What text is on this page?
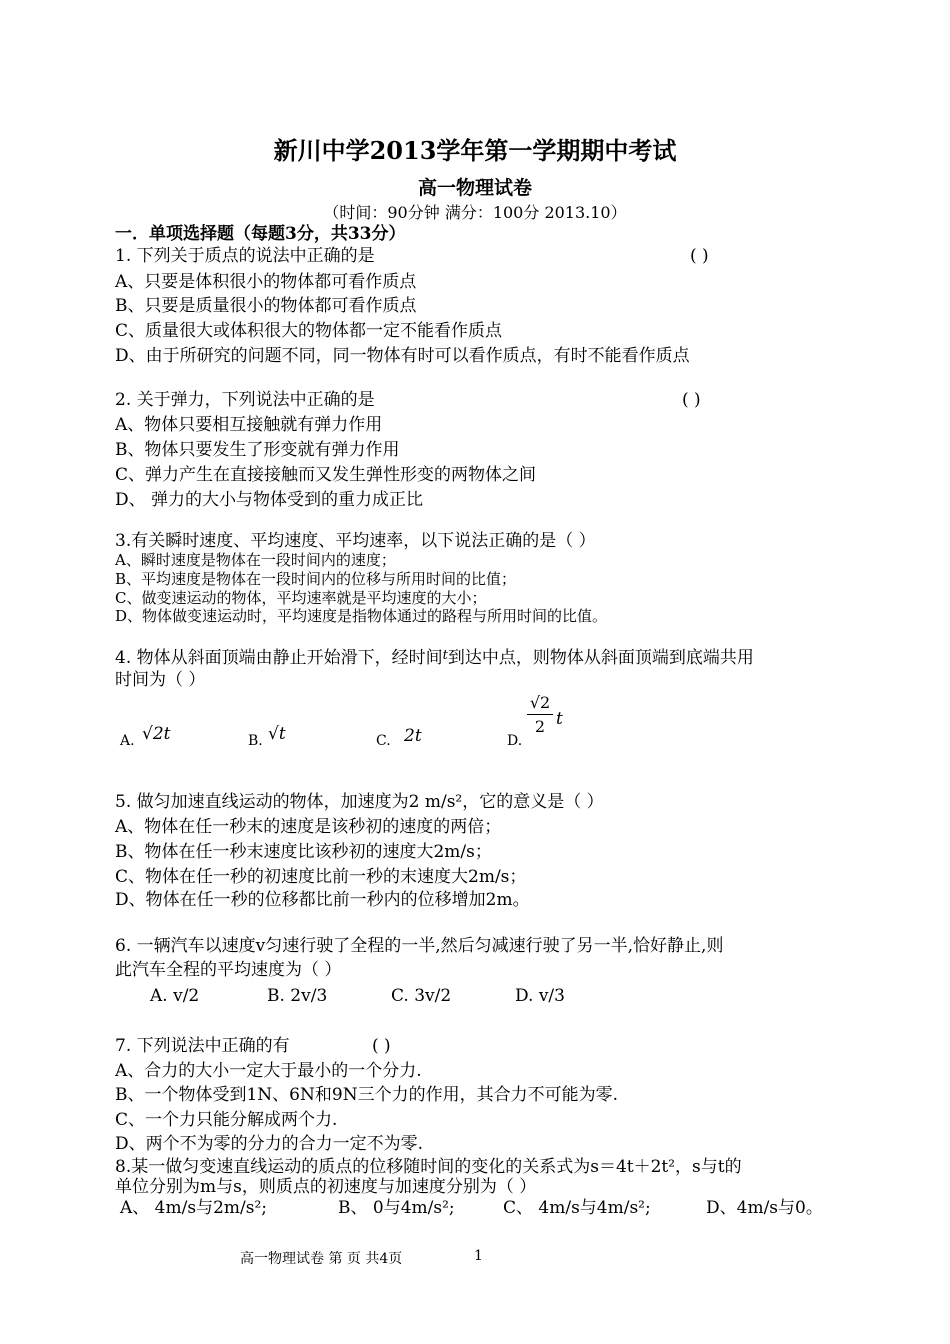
新川中学2013学年第一学期期中考试
高一物理试卷
（时间：90分钟 满分：100分 2013.10）
一．单项选择题（每题3分，共33分）
1. 下列关于质点的说法中正确的是	( )
A、只要是体积很小的物体都可看作质点
B、只要是质量很小的物体都可看作质点
C、质量很大或体积很大的物体都一定不能看作质点
D、由于所研究的问题不同，同一物体有时可以看作质点，有时不能看作质点
2. 关于弹力，下列说法中正确的是	( )
A、物体只要相互接触就有弹力作用
B、物体只要发生了形变就有弹力作用
C、弹力产生在直接接触而又发生弹性形变的两物体之间
D、 弹力的大小与物体受到的重力成正比
3.有关瞬时速度、平均速度、平均速率，以下说法正确的是（ ）
A、瞬时速度是物体在一段时间内的速度；
B、平均速度是物体在一段时间内的位移与所用时间的比值；
C、做变速运动的物体，平均速率就是平均速度的大小；
D、物体做变速运动时，平均速度是指物体通过的路程与所用时间的比值。
4. 物体从斜面顶端由静止开始滑下，经时间$^t$到达中点，则物体从斜面顶端到底端共用
时间为（ ）
A. √2t	B. √t	C. 2t	D.
√2
2 t
5. 做匀加速直线运动的物体，加速度为2 m/s²，它的意义是（ ）
A、物体在任一秒末的速度是该秒初的速度的两倍；
B、物体在任一秒末速度比该秒初的速度大2m/s；
C、物体在任一秒的初速度比前一秒的末速度大2m/s；
D、物体在任一秒的位移都比前一秒内的位移增加2m。
6. 一辆汽车以速度v匀速行驶了全程的一半,然后匀减速行驶了另一半,恰好静止,则
此汽车全程的平均速度为（ ）
A. v/2	B. 2v/3	C. 3v/2	D. v/3
7. 下列说法中正确的有	( )
A、合力的大小一定大于最小的一个分力.
B、一个物体受到1N、6N和9N三个力的作用，其合力不可能为零.
C、一个力只能分解成两个力.
D、两个不为零的分力的合力一定不为零.
8.某一做匀变速直线运动的质点的位移随时间的变化的关系式为s＝4t＋2t²，s与t的
单位分别为m与s，则质点的初速度与加速度分别为（ ）
A、 4m/s与2m/s²;	B、 0与4m/s²;	C、 4m/s与4m/s²;	D、4m/s与0。
高一物理试卷 第 页 共4页	1
